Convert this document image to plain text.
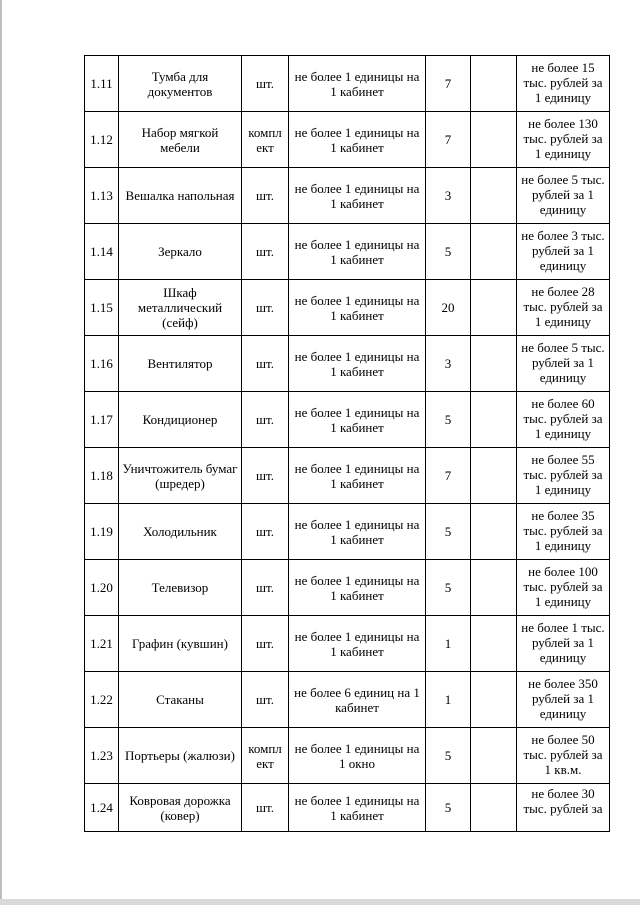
1.11	Тумба для документов	шт.	не более 1 единицы на 1 кабинет	7		не более 15 тыс. рублей за 1 единицу
1.12	Набор мягкой мебели	компл ект	не более 1 единицы на 1 кабинет	7		не более 130 тыс. рублей за 1 единицу
1.13	Вешалка напольная	шт.	не более 1 единицы на 1 кабинет	3		не более 5 тыс. рублей за 1 единицу
1.14	Зеркало	шт.	не более 1 единицы на 1 кабинет	5		не более 3 тыс. рублей за 1 единицу
1.15	Шкаф металлический (сейф)	шт.	не более 1 единицы на 1 кабинет	20		не более 28 тыс. рублей за 1 единицу
1.16	Вентилятор	шт.	не более 1 единицы на 1 кабинет	3		не более 5 тыс. рублей за 1 единицу
1.17	Кондиционер	шт.	не более 1 единицы на 1 кабинет	5		не более 60 тыс. рублей за 1 единицу
1.18	Уничтожитель бумаг (шредер)	шт.	не более 1 единицы на 1 кабинет	7		не более 55 тыс. рублей за 1 единицу
1.19	Холодильник	шт.	не более 1 единицы на 1 кабинет	5		не более 35 тыс. рублей за 1 единицу
1.20	Телевизор	шт.	не более 1 единицы на 1 кабинет	5		не более 100 тыс. рублей за 1 единицу
1.21	Графин (кувшин)	шт.	не более 1 единицы на 1 кабинет	1		не более 1 тыс. рублей за 1 единицу
1.22	Стаканы	шт.	не более 6 единиц на 1 кабинет	1		не более 350 рублей за 1 единицу
1.23	Портьеры (жалюзи)	компл ект	не более 1 единицы на 1 окно	5		не более 50 тыс. рублей за 1 кв.м.
1.24	Ковровая дорожка (ковер)	шт.	не более 1 единицы на 1 кабинет	5		не более 30 тыс. рублей за
